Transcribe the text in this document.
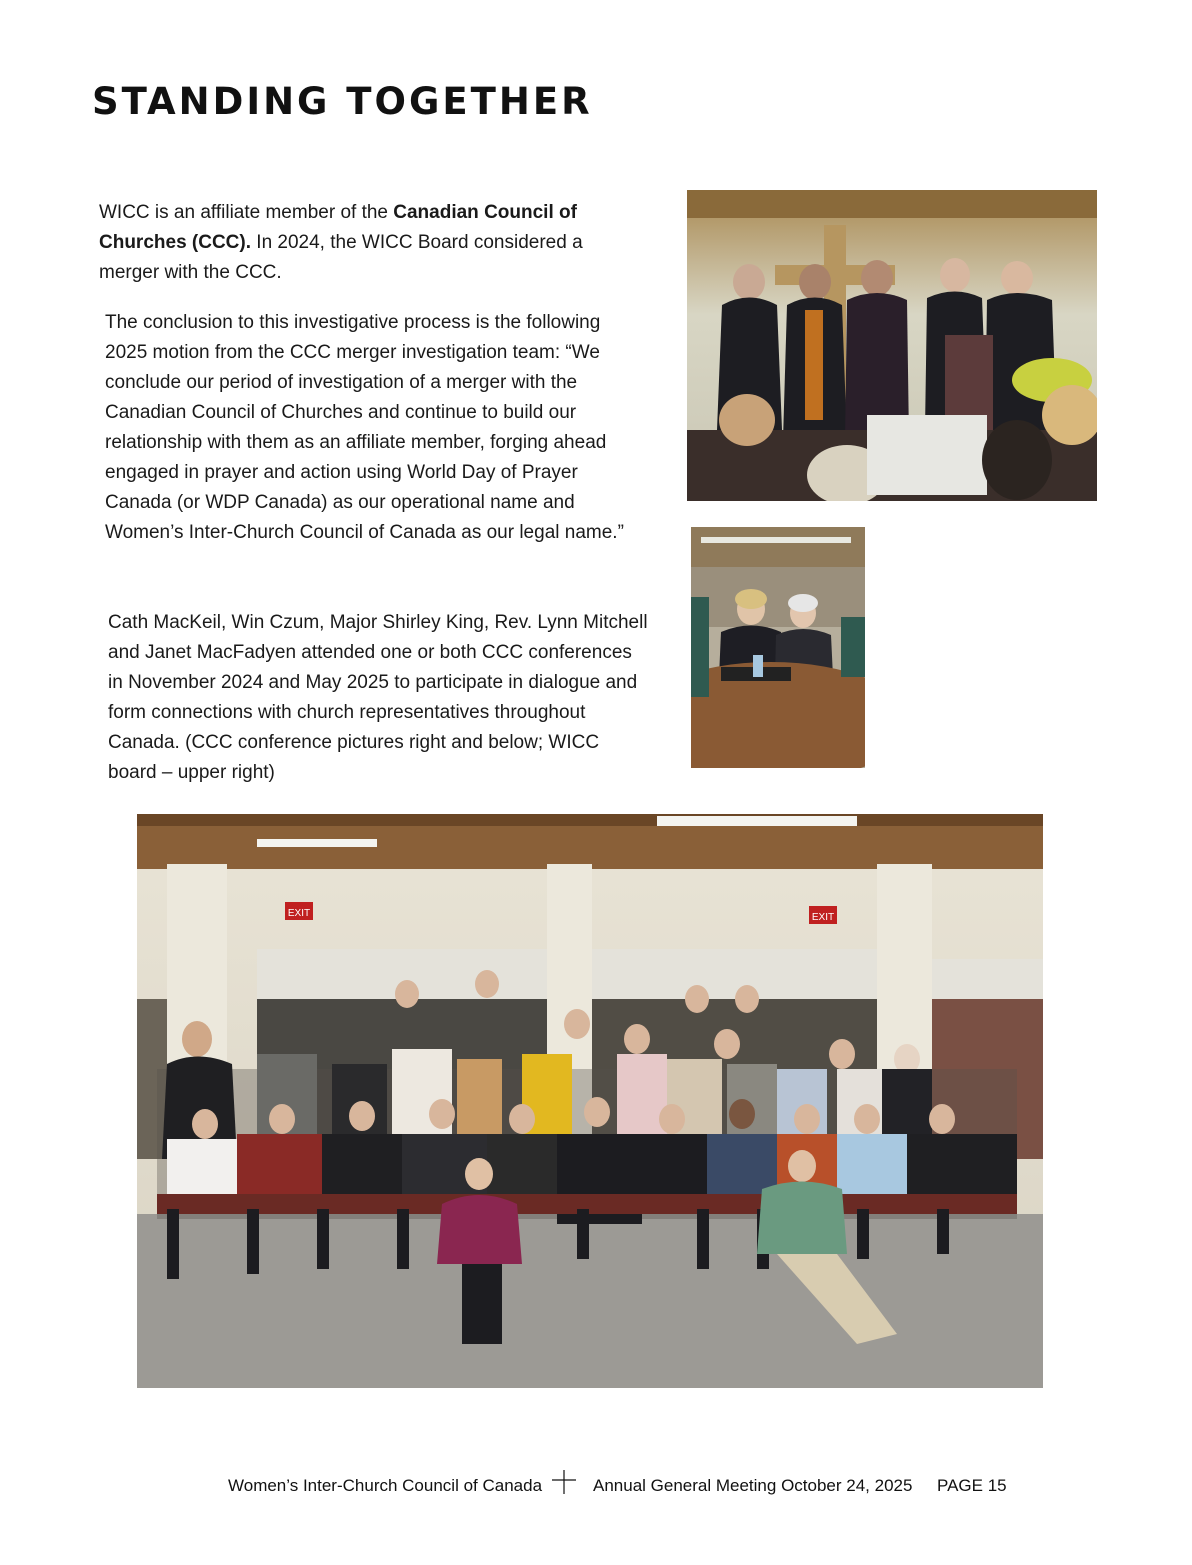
STANDING TOGETHER
WICC is an affiliate member of the Canadian Council of Churches (CCC). In 2024, the WICC Board considered a merger with the CCC.
The conclusion to this investigative process is the following 2025 motion from the CCC merger investigation team: “We conclude our period of investigation of a merger with the Canadian Council of Churches and continue to build our relationship with them as an affiliate member, forging ahead engaged in prayer and action using World Day of Prayer Canada (or WDP Canada) as our operational name and Women’s Inter-Church Council of Canada as our legal name.”
Cath MacKeil, Win Czum, Major Shirley King, Rev. Lynn Mitchell and Janet MacFadyen attended one or both CCC conferences in November 2024 and May 2025 to participate in dialogue and form connections with church representatives throughout Canada. (CCC conference pictures right and below; WICC board – upper right)
EXIT	EXIT
Women’s Inter-Church Council of Canada	Annual General Meeting October 24, 2025 PAGE 15
